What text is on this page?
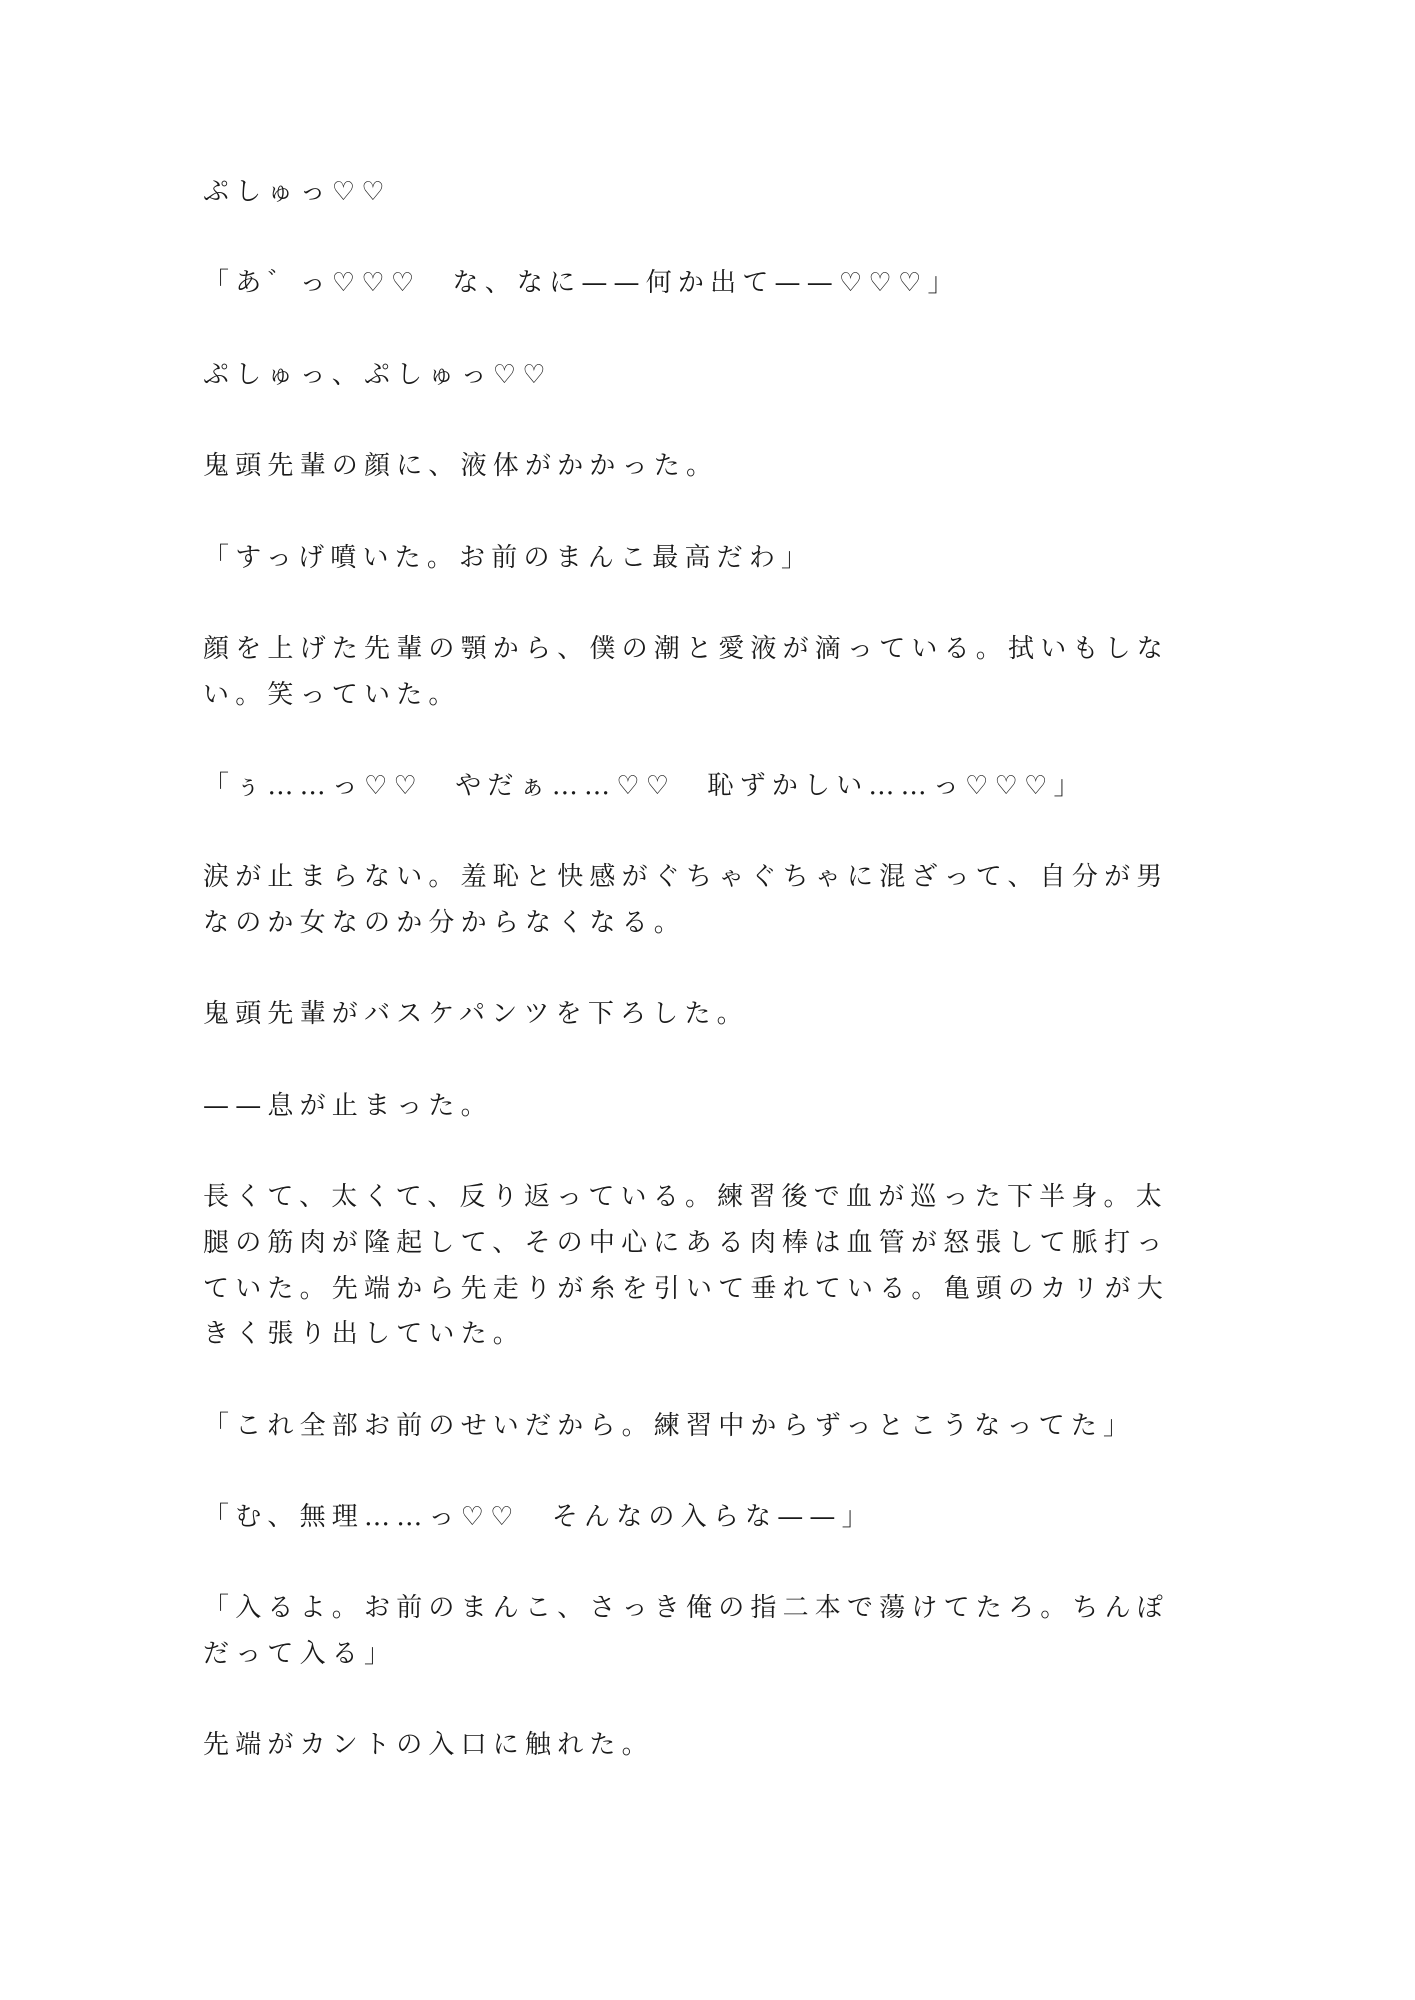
ぷしゅっ♡♡
「あ゛っ♡♡♡　な、なに——何か出て——♡♡♡」
ぷしゅっ、ぷしゅっ♡♡
鬼頭先輩の顔に、液体がかかった。
「すっげ噴いた。お前のまんこ最高だわ」
顔を上げた先輩の顎から、僕の潮と愛液が滴っている。拭いもしな
い。笑っていた。
「ぅ……っ♡♡　やだぁ……♡♡　恥ずかしい……っ♡♡♡」
涙が止まらない。羞恥と快感がぐちゃぐちゃに混ざって、自分が男
なのか女なのか分からなくなる。
鬼頭先輩がバスケパンツを下ろした。
——息が止まった。
長くて、太くて、反り返っている。練習後で血が巡った下半身。太
腿の筋肉が隆起して、その中心にある肉棒は血管が怒張して脈打っ
ていた。先端から先走りが糸を引いて垂れている。亀頭のカリが大
きく張り出していた。
「これ全部お前のせいだから。練習中からずっとこうなってた」
「む、無理……っ♡♡　そんなの入らな——」
「入るよ。お前のまんこ、さっき俺の指二本で蕩けてたろ。ちんぽ
だって入る」
先端がカントの入口に触れた。
